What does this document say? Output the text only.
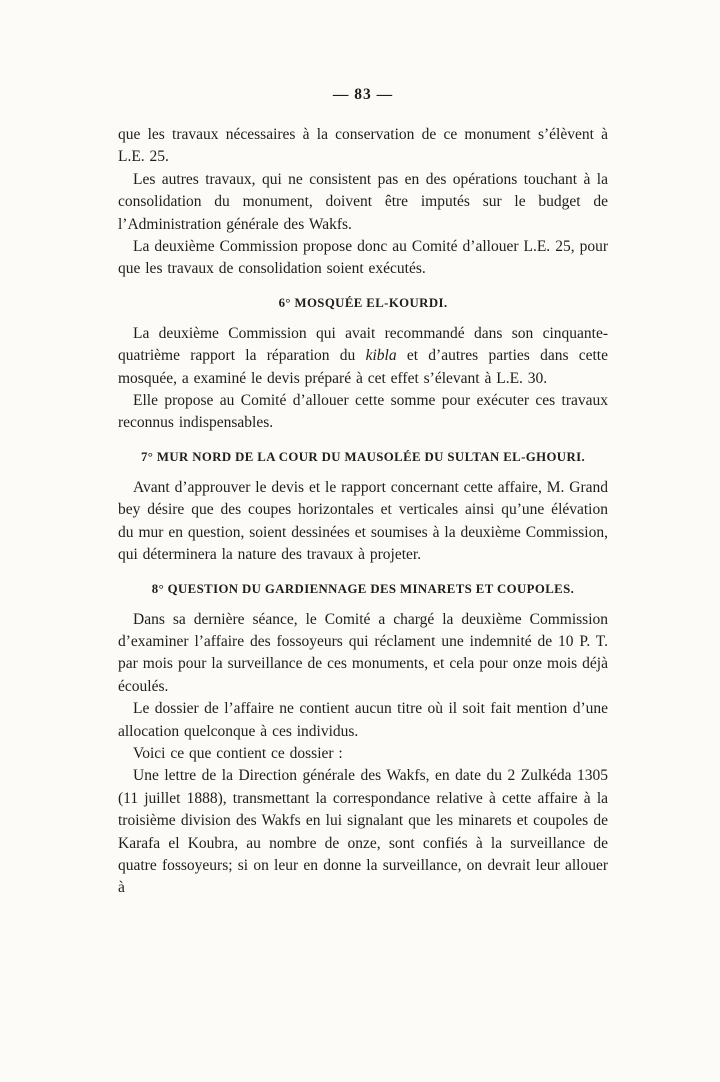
— 83 —

que les travaux nécessaires à la conservation de ce monument s’élèvent à L.E. 25.

Les autres travaux, qui ne consistent pas en des opérations touchant à la consolidation du monument, doivent être imputés sur le budget de l’Administration générale des Wakfs.

La deuxième Commission propose donc au Comité d’allouer L.E. 25, pour que les travaux de consolidation soient exécutés.

6° MOSQUÉE EL-KOURDI.

La deuxième Commission qui avait recommandé dans son cinquante-quatrième rapport la réparation du kibla et d’autres parties dans cette mosquée, a examiné le devis préparé à cet effet s’élevant à L.E. 30.

Elle propose au Comité d’allouer cette somme pour exécuter ces travaux reconnus indispensables.

7° MUR NORD DE LA COUR DU MAUSOLÉE DU SULTAN EL-GHOURI.

Avant d’approuver le devis et le rapport concernant cette affaire, M. Grand bey désire que des coupes horizontales et verticales ainsi qu’une élévation du mur en question, soient dessinées et soumises à la deuxième Commission, qui déterminera la nature des travaux à projeter.

8° QUESTION DU GARDIENNAGE DES MINARETS ET COUPOLES.

Dans sa dernière séance, le Comité a chargé la deuxième Commission d’examiner l’affaire des fossoyeurs qui réclament une indemnité de 10 P. T. par mois pour la surveillance de ces monuments, et cela pour onze mois déjà écoulés.

Le dossier de l’affaire ne contient aucun titre où il soit fait mention d’une allocation quelconque à ces individus.

Voici ce que contient ce dossier :

Une lettre de la Direction générale des Wakfs, en date du 2 Zulkéda 1305 (11 juillet 1888), transmettant la correspondance relative à cette affaire à la troisième division des Wakfs en lui signalant que les minarets et coupoles de Karafa el Koubra, au nombre de onze, sont confiés à la surveillance de quatre fossoyeurs; si on leur en donne la surveillance, on devrait leur allouer à
